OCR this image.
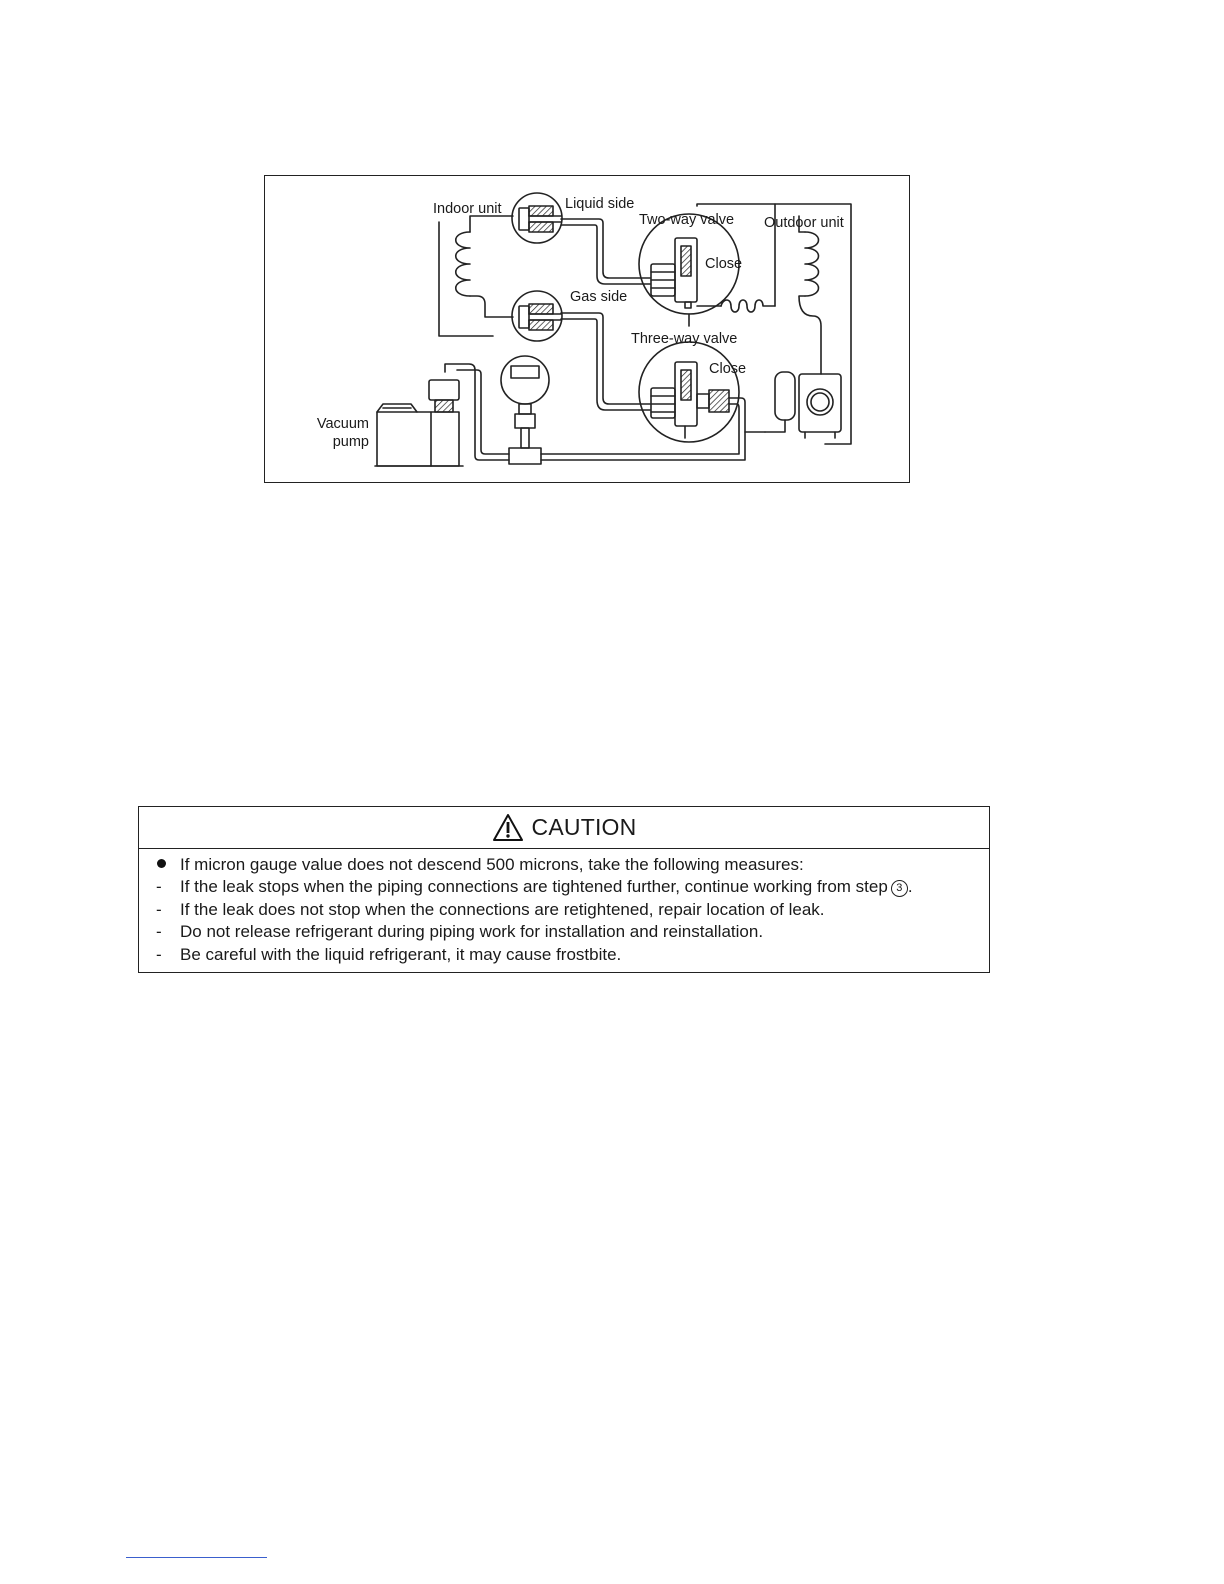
Indoor unit	Liquid side
Two-way valve Outdoor unit
Close
Gas side
Three-way valve
Close
Vacuum
pump
CAUTION
If micron gauge value does not descend 500 microns, take the following measures:
-	If the leak stops when the piping connections are tightened further, continue working from step 3 .
-	If the leak does not stop when the connections are retightened, repair location of leak.
-	Do not release refrigerant during piping work for installation and reinstallation.
-	Be careful with the liquid refrigerant, it may cause frostbite.
